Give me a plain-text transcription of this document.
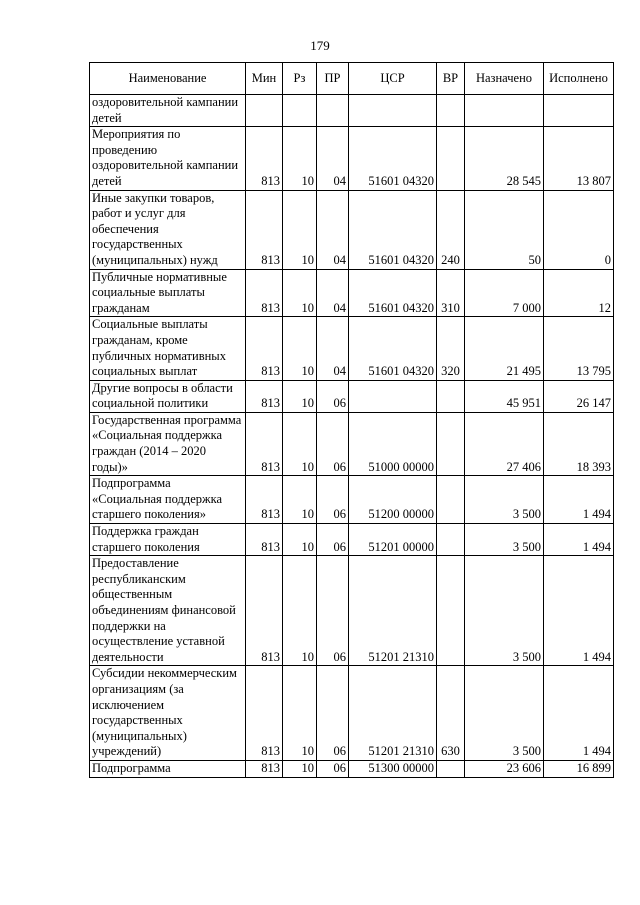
179
Наименование	Мин	Рз	ПР	ЦСР	ВР	Назначено	Исполнено
оздоровительной кампании детей							
Мероприятия по проведению оздоровительной кампании детей	813	10	04	51601 04320		28 545	13 807
Иные закупки товаров, работ и услуг для обеспечения государственных (муниципальных) нужд	813	10	04	51601 04320	240	50	0
Публичные нормативные социальные выплаты гражданам	813	10	04	51601 04320	310	7 000	12
Социальные выплаты гражданам, кроме публичных нормативных социальных выплат	813	10	04	51601 04320	320	21 495	13 795
Другие вопросы в области социальной политики	813	10	06			45 951	26 147
Государственная программа «Социальная поддержка граждан (2014 – 2020 годы)»	813	10	06	51000 00000		27 406	18 393
Подпрограмма «Социальная поддержка старшего поколения»	813	10	06	51200 00000		3 500	1 494
Поддержка граждан старшего поколения	813	10	06	51201 00000		3 500	1 494
Предоставление республиканским общественным объединениям финансовой поддержки на осуществление уставной деятельности	813	10	06	51201 21310		3 500	1 494
Субсидии некоммерческим организациям (за исключением государственных (муниципальных) учреждений)	813	10	06	51201 21310	630	3 500	1 494
Подпрограмма	813	10	06	51300 00000		23 606	16 899
